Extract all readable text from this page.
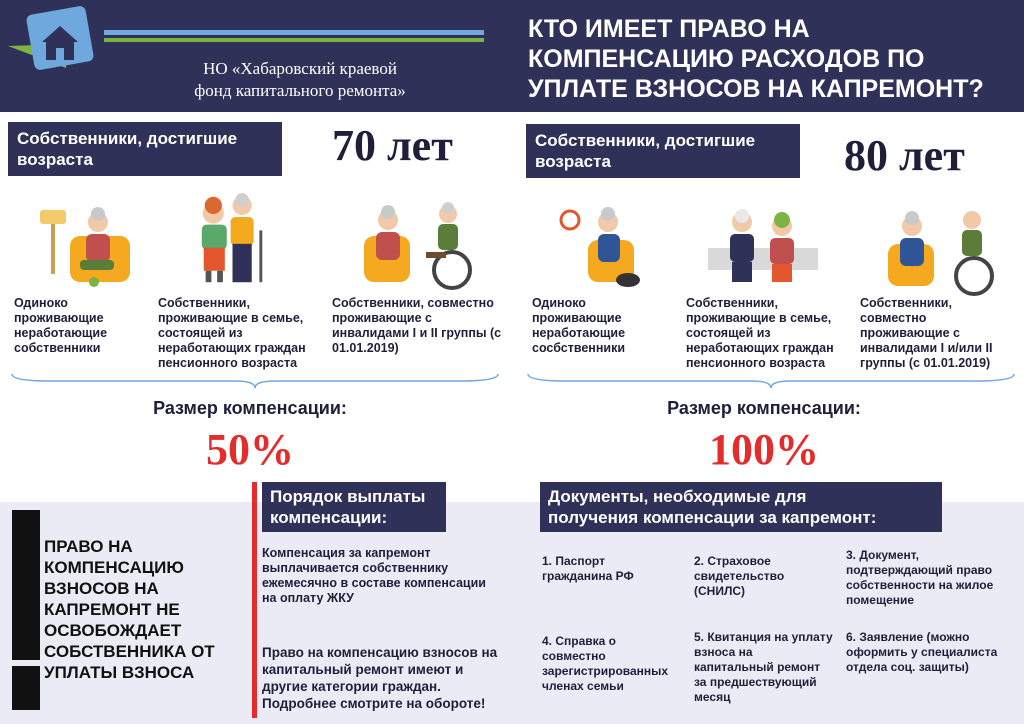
НО «Хабаровский краевой
фонд капитального ремонта»
КТО ИМЕЕТ ПРАВО НА
КОМПЕНСАЦИЮ РАСХОДОВ ПО
УПЛАТЕ ВЗНОСОВ НА КАПРЕМОНТ?
Собственники, достигшие
возраста	70 лет
Одиноко проживающие неработающие собственники
Собственники, проживающие в семье, состоящей из неработающих граждан пенсионного возраста
Собственники, совместно проживающие с инвалидами I и II группы (с 01.01.2019)
Размер компенсации:
50%
Собственники, достигшие
возраста	80 лет
Одиноко проживающие неработающие сосбственники
Собственники, проживающие в семье, состоящей из неработающих граждан пенсионного возраста
Собственники, совместно проживающие с инвалидами I и/или II группы (с 01.01.2019)
Размер компенсации:
100%
ПРАВО НА КОМПЕНСАЦИЮ ВЗНОСОВ НА КАПРЕМОНТ НЕ ОСВОБОЖДАЕТ СОБСТВЕННИКА ОТ УПЛАТЫ ВЗНОСА
Порядок выплаты
компенсации:
Компенсация за капремонт выплачивается собственнику ежемесячно в составе компенсации на оплату ЖКУ
Право на компенсацию взносов на капитальный ремонт имеют и другие категории граждан. Подробнее смотрите на обороте!
Документы, необходимые для
получения компенсации за капремонт:
1. Паспорт гражданина РФ
2. Страховое свидетельство (СНИЛС)
3. Документ, подтверждающий право собственности на жилое помещение
4. Справка о совместно зарегистрированных членах семьи
5. Квитанция на уплату взноса на капитальный ремонт за предшествующий месяц
6. Заявление (можно оформить у специалиста отдела соц. защиты)
